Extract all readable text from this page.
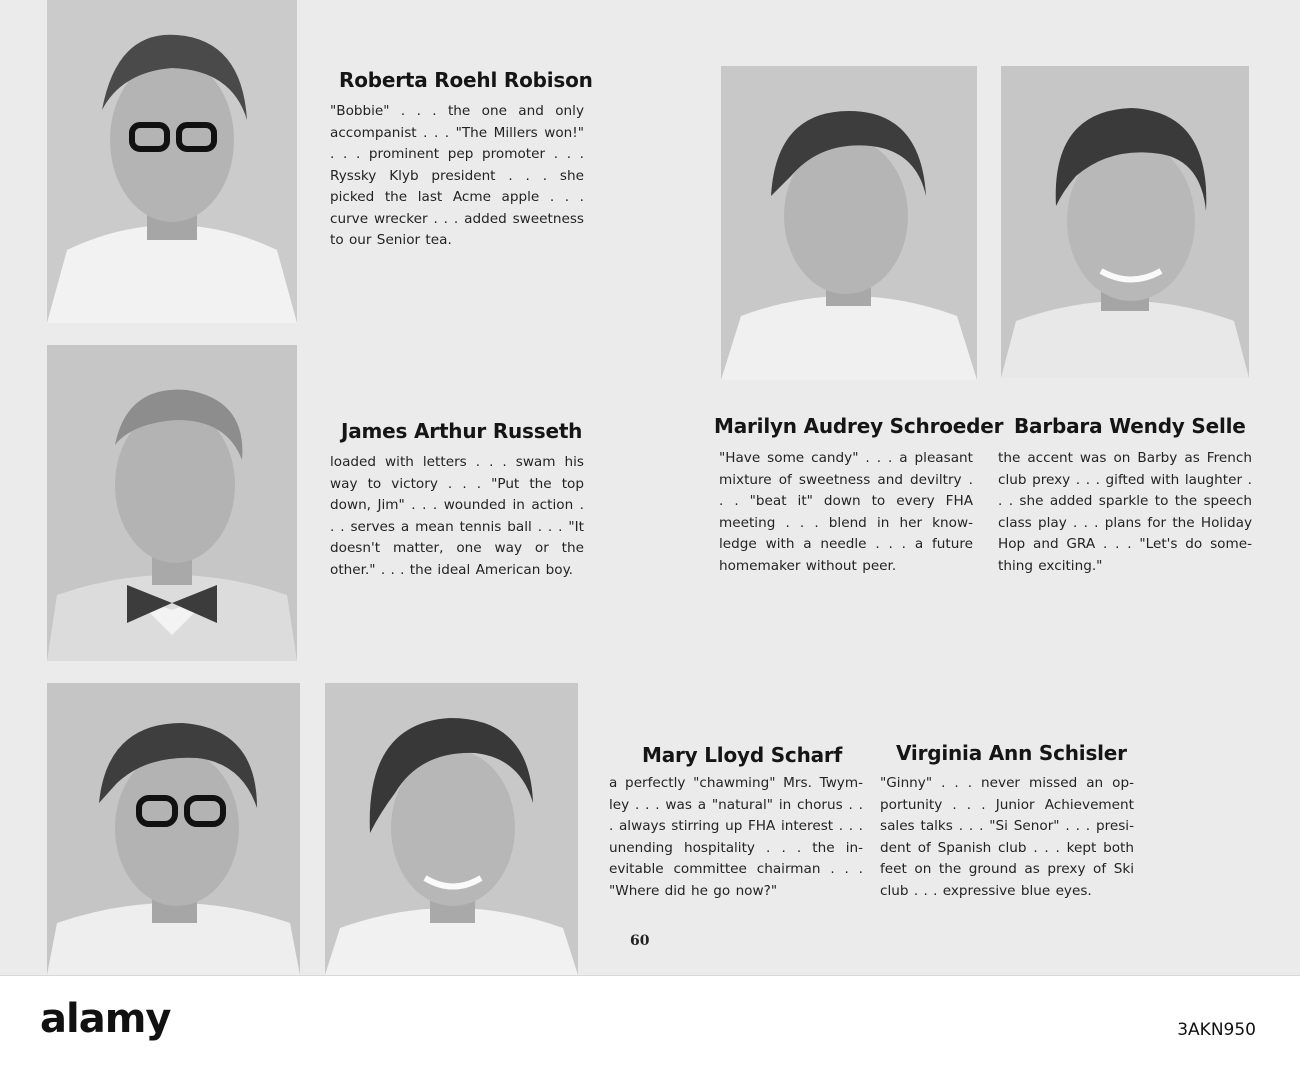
Roberta Roehl Robison
"Bobbie" . . . the one and only accompanist . . . "The Millers won!" . . . prominent pep promoter . . . Ryssky Klyb president . . . she picked the last Acme apple . . . curve wrecker . . . added sweetness to our Senior tea.
James Arthur Russeth
loaded with letters . . . swam his way to victory . . . "Put the top down, Jim" . . . wounded in action . . . serves a mean tennis ball . . . "It doesn't matter, one way or the other." . . . the ideal American boy.
Marilyn Audrey Schroeder
"Have some candy" . . . a pleasant mixture of sweetness and deviltry . . . "beat it" down to every FHA meeting . . . blend in her know-ledge with a needle . . . a future homemaker without peer.
Barbara Wendy Selle
the accent was on Barby as French club prexy . . . gifted with laughter . . . she added sparkle to the speech class play . . . plans for the Holiday Hop and GRA . . . "Let's do some-thing exciting."
Mary Lloyd Scharf
a perfectly "chawming" Mrs. Twym-ley . . . was a "natural" in chorus . . . always stirring up FHA interest . . . unending hospitality . . . the in-evitable committee chairman . . . "Where did he go now?"
Virginia Ann Schisler
"Ginny" . . . never missed an op-portunity . . . Junior Achievement sales talks . . . "Si Senor" . . . presi-dent of Spanish club . . . kept both feet on the ground as prexy of Ski club . . . expressive blue eyes.
60
alamy	3AKN950
